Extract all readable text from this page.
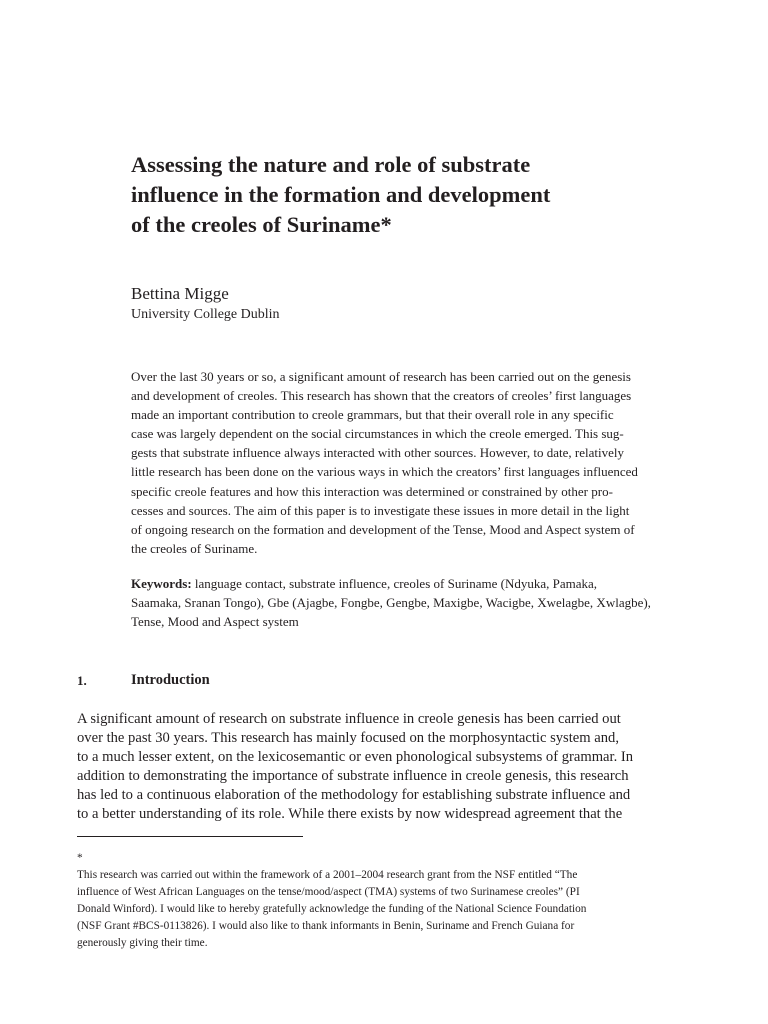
Assessing the nature and role of substrate
influence in the formation and development
of the creoles of Suriname*
Bettina Migge
University College Dublin
Over the last 30 years or so, a significant amount of research has been carried out on the genesis
and development of creoles. This research has shown that the creators of creoles’ first languages
made an important contribution to creole grammars, but that their overall role in any specific
case was largely dependent on the social circumstances in which the creole emerged. This sug-
gests that substrate influence always interacted with other sources. However, to date, relatively
little research has been done on the various ways in which the creators’ first languages influenced
specific creole features and how this interaction was determined or constrained by other pro-
cesses and sources. The aim of this paper is to investigate these issues in more detail in the light
of ongoing research on the formation and development of the Tense, Mood and Aspect system of
the creoles of Suriname.
Keywords: language contact, substrate influence, creoles of Suriname (Ndyuka, Pamaka,
Saamaka, Sranan Tongo), Gbe (Ajagbe, Fongbe, Gengbe, Maxigbe, Wacigbe, Xwelagbe, Xwlagbe),
Tense, Mood and Aspect system
1.	Introduction
A significant amount of research on substrate influence in creole genesis has been carried out
over the past 30 years. This research has mainly focused on the morphosyntactic system and,
to a much lesser extent, on the lexicosemantic or even phonological subsystems of grammar. In
addition to demonstrating the importance of substrate influence in creole genesis, this research
has led to a continuous elaboration of the methodology for establishing substrate influence and
to a better understanding of its role. While there exists by now widespread agreement that the
*
This research was carried out within the framework of a 2001–2004 research grant from the NSF entitled “The
influence of West African Languages on the tense/mood/aspect (TMA) systems of two Surinamese creoles” (PI
Donald Winford). I would like to hereby gratefully acknowledge the funding of the National Science Foundation
(NSF Grant #BCS-0113826). I would also like to thank informants in Benin, Suriname and French Guiana for
generously giving their time.
